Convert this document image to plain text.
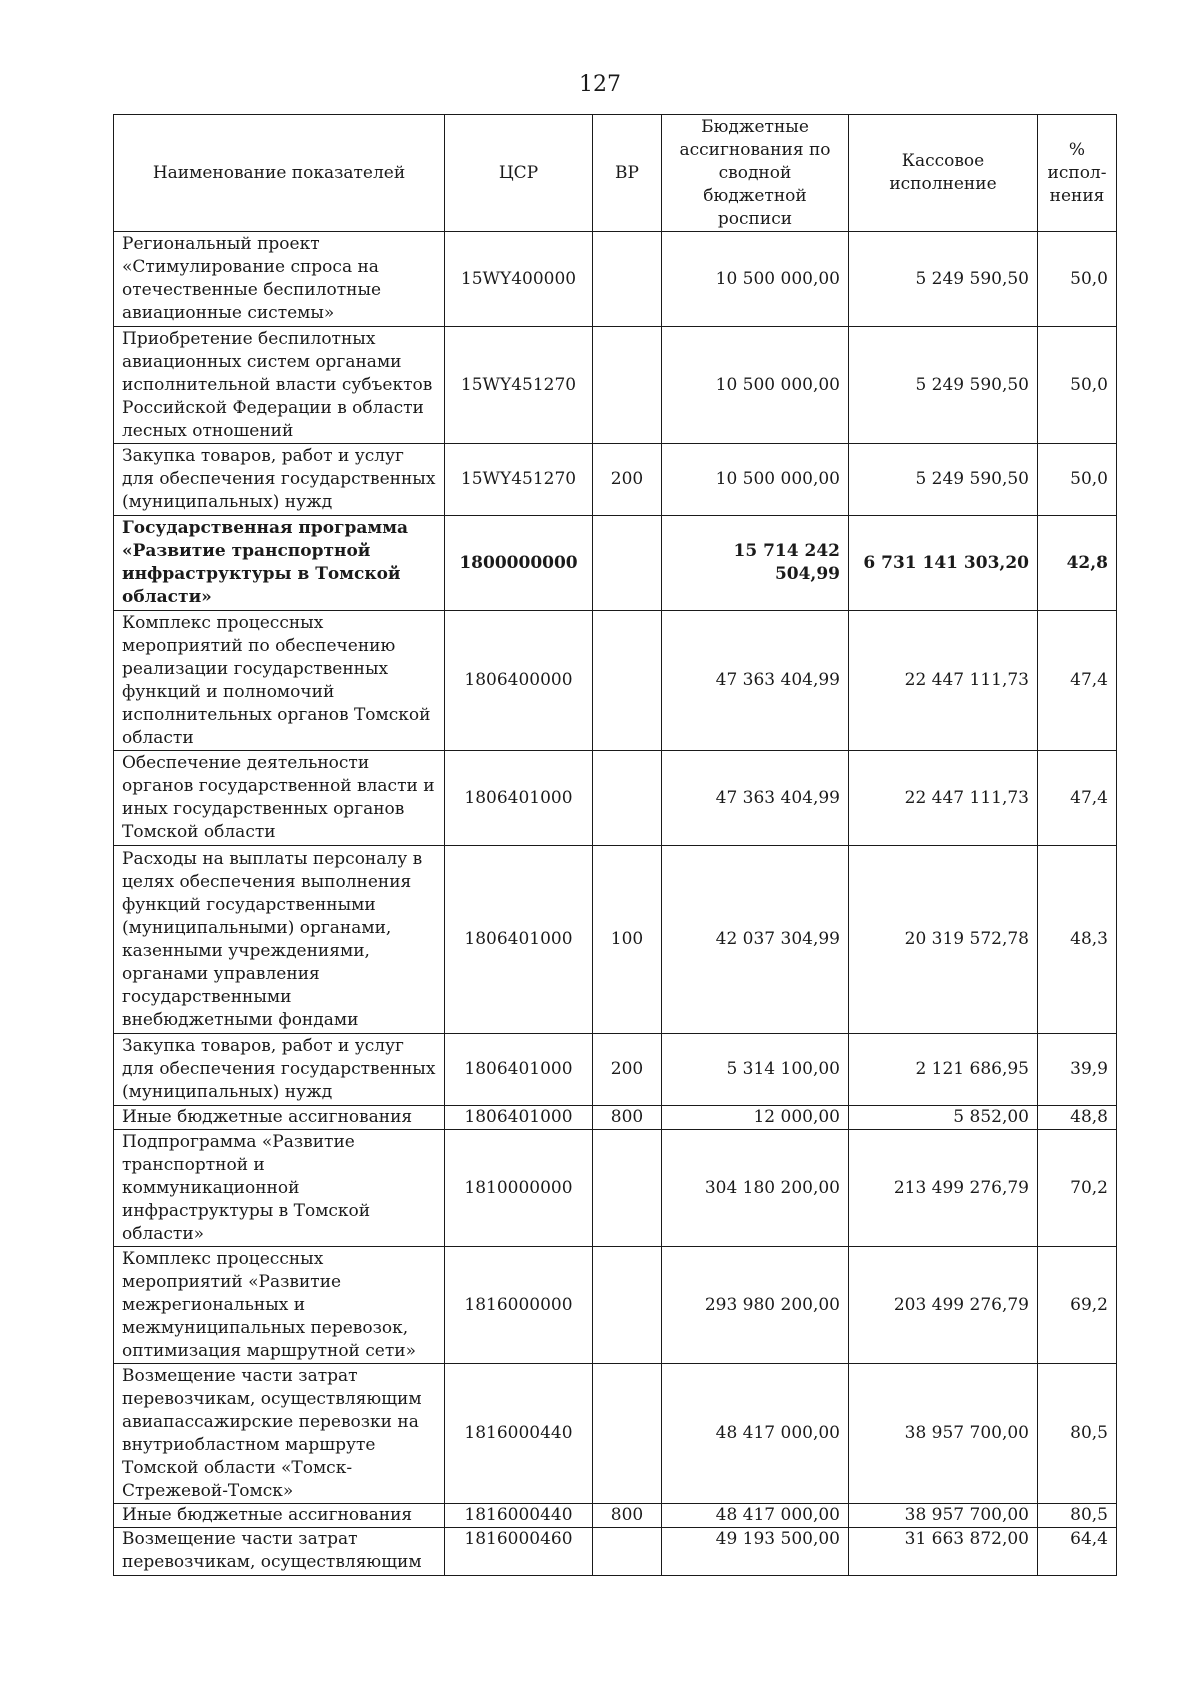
127
Наименование показателей	ЦСР	ВР	Бюджетные ассигнования по сводной бюджетной росписи	Кассовое исполнение	% испол-нения
Региональный проект «Стимулирование спроса на отечественные беспилотные авиационные системы»	15WY400000		10 500 000,00	5 249 590,50	50,0
Приобретение беспилотных авиационных систем органами исполнительной власти субъектов Российской Федерации в области лесных отношений	15WY451270		10 500 000,00	5 249 590,50	50,0
Закупка товаров, работ и услуг для обеспечения государственных (муниципальных) нужд	15WY451270	200	10 500 000,00	5 249 590,50	50,0
Государственная программа «Развитие транспортной инфраструктуры в Томской области»	1800000000		15 714 242 504,99	6 731 141 303,20	42,8
Комплекс процессных мероприятий по обеспечению реализации государственных функций и полномочий исполнительных органов Томской области	1806400000		47 363 404,99	22 447 111,73	47,4
Обеспечение деятельности органов государственной власти и иных государственных органов Томской области	1806401000		47 363 404,99	22 447 111,73	47,4
Расходы на выплаты персоналу в целях обеспечения выполнения функций государственными (муниципальными) органами, казенными учреждениями, органами управления государственными внебюджетными фондами	1806401000	100	42 037 304,99	20 319 572,78	48,3
Закупка товаров, работ и услуг для обеспечения государственных (муниципальных) нужд	1806401000	200	5 314 100,00	2 121 686,95	39,9
Иные бюджетные ассигнования	1806401000	800	12 000,00	5 852,00	48,8
Подпрограмма «Развитие транспортной и коммуникационной инфраструктуры в Томской области»	1810000000		304 180 200,00	213 499 276,79	70,2
Комплекс процессных мероприятий «Развитие межрегиональных и межмуниципальных перевозок, оптимизация маршрутной сети»	1816000000		293 980 200,00	203 499 276,79	69,2
Возмещение части затрат перевозчикам, осуществляющим авиапассажирские перевозки на внутриобластном маршруте Томской области «Томск-Стрежевой-Томск»	1816000440		48 417 000,00	38 957 700,00	80,5
Иные бюджетные ассигнования	1816000440	800	48 417 000,00	38 957 700,00	80,5
Возмещение части затрат перевозчикам, осуществляющим	1816000460		49 193 500,00	31 663 872,00	64,4
